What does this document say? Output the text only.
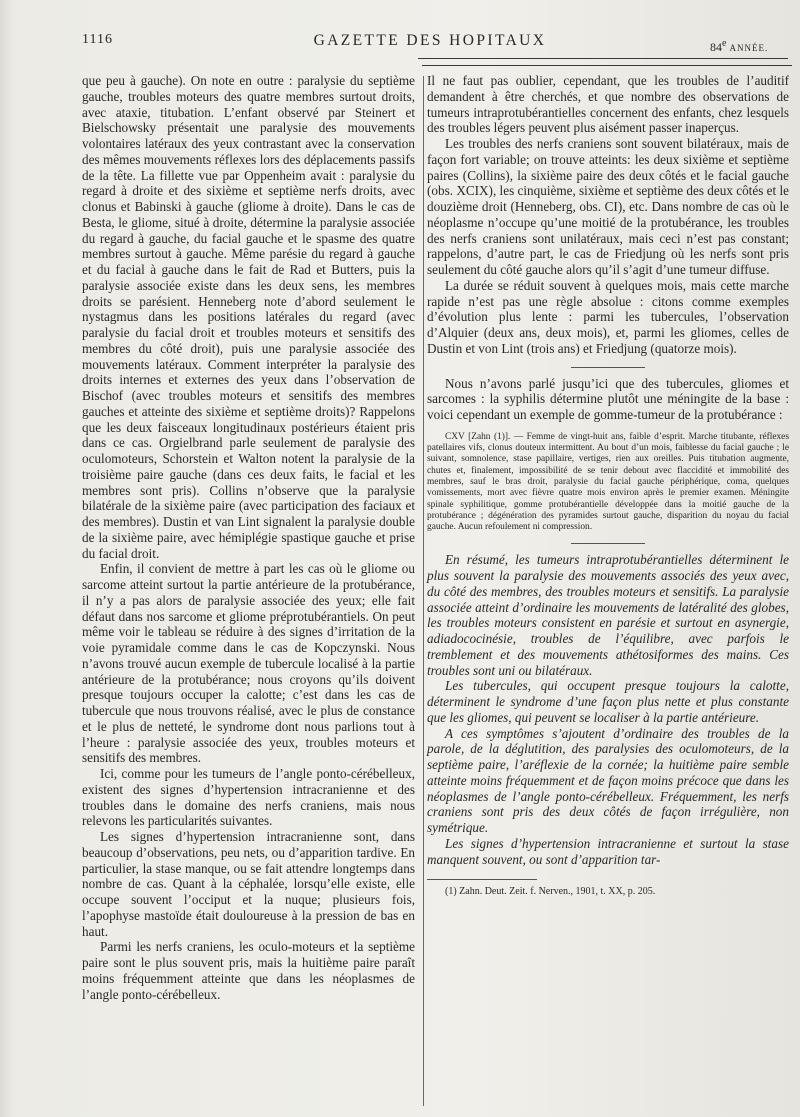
1116	GAZETTE DES HOPITAUX	84e ANNÉE.

que peu à gauche). On note en outre : paralysie du septième gauche, troubles moteurs des quatre membres surtout droits, avec ataxie, titubation. L’enfant observé par Steinert et Bielschowsky présentait une paralysie des mouvements volontaires latéraux des yeux contrastant avec la conservation des mêmes mouvements réflexes lors des déplacements passifs de la tête. La fillette vue par Oppenheim avait : paralysie du regard à droite et des sixième et septième nerfs droits, avec clonus et Babinski à gauche (gliome à droite). Dans le cas de Besta, le gliome, situé à droite, détermine la paralysie associée du regard à gauche, du facial gauche et le spasme des quatre membres surtout à gauche. Même parésie du regard à gauche et du facial à gauche dans le fait de Rad et Butters, puis la paralysie associée existe dans les deux sens, les membres droits se parésient. Henneberg note d’abord seulement le nystagmus dans les positions latérales du regard (avec paralysie du facial droit et troubles moteurs et sensitifs des membres du côté droit), puis une paralysie associée des mouvements latéraux. Comment interpréter la paralysie des droits internes et externes des yeux dans l’observation de Bischof (avec troubles moteurs et sensitifs des membres gauches et atteinte des sixième et septième droits)? Rappelons que les deux faisceaux longitudinaux postérieurs étaient pris dans ce cas. Orgielbrand parle seulement de paralysie des oculomoteurs, Schorstein et Walton notent la paralysie de la troisième paire gauche (dans ces deux faits, le facial et les membres sont pris). Collins n’observe que la paralysie bilatérale de la sixième paire (avec participation des faciaux et des membres). Dustin et van Lint signalent la paralysie double de la sixième paire, avec hémiplégie spastique gauche et prise du facial droit.

Enfin, il convient de mettre à part les cas où le gliome ou sarcome atteint surtout la partie antérieure de la protubérance, il n’y a pas alors de paralysie associée des yeux; elle fait défaut dans nos sarcome et gliome préprotubérantiels. On peut même voir le tableau se réduire à des signes d’irritation de la voie pyramidale comme dans le cas de Kopczynski. Nous n’avons trouvé aucun exemple de tubercule localisé à la partie antérieure de la protubérance; nous croyons qu’ils doivent presque toujours occuper la calotte; c’est dans les cas de tubercule que nous trouvons réalisé, avec le plus de constance et le plus de netteté, le syndrome dont nous parlions tout à l’heure : paralysie associée des yeux, troubles moteurs et sensitifs des membres.

Ici, comme pour les tumeurs de l’angle ponto-cérébelleux, existent des signes d’hypertension intracranienne et des troubles dans le domaine des nerfs craniens, mais nous relevons les particularités suivantes.

Les signes d’hypertension intracranienne sont, dans beaucoup d’observations, peu nets, ou d’apparition tardive. En particulier, la stase manque, ou se fait attendre longtemps dans nombre de cas. Quant à la céphalée, lorsqu’elle existe, elle occupe souvent l’occiput et la nuque; plusieurs fois, l’apophyse mastoïde était douloureuse à la pression de bas en haut.

Parmi les nerfs craniens, les oculo-moteurs et la septième paire sont le plus souvent pris, mais la huitième paire paraît moins fréquemment atteinte que dans les néoplasmes de l’angle ponto-cérébelleux.

Il ne faut pas oublier, cependant, que les troubles de l’auditif demandent à être cherchés, et que nombre des observations de tumeurs intraprotubérantielles concernent des enfants, chez lesquels des troubles légers peuvent plus aisément passer inaperçus.

Les troubles des nerfs craniens sont souvent bilatéraux, mais de façon fort variable; on trouve atteints: les deux sixième et septième paires (Collins), la sixième paire des deux côtés et le facial gauche (obs. XCIX), les cinquième, sixième et septième des deux côtés et le douzième droit (Henneberg, obs. CI), etc. Dans nombre de cas où le néoplasme n’occupe qu’une moitié de la protubérance, les troubles des nerfs craniens sont unilatéraux, mais ceci n’est pas constant; rappelons, d’autre part, le cas de Friedjung où les nerfs sont pris seulement du côté gauche alors qu’il s’agit d’une tumeur diffuse.

La durée se réduit souvent à quelques mois, mais cette marche rapide n’est pas une règle absolue : citons comme exemples d’évolution plus lente : parmi les tubercules, l’observation d’Alquier (deux ans, deux mois), et, parmi les gliomes, celles de Dustin et von Lint (trois ans) et Friedjung (quatorze mois).

Nous n’avons parlé jusqu’ici que des tubercules, gliomes et sarcomes : la syphilis détermine plutôt une méningite de la base : voici cependant un exemple de gomme-tumeur de la protubérance :

CXV [Zahn (1)]. — Femme de vingt-huit ans, faible d’esprit. Marche titubante, réflexes patellaires vifs, clonus douteux intermittent. Au bout d’un mois, faiblesse du facial gauche ; le suivant, somnolence, stase papillaire, vertiges, rien aux oreilles. Puis titubation augmente, chutes et, finalement, impossibilité de se tenir debout avec flaccidité et immobilité des membres, sauf le bras droit, paralysie du facial gauche périphérique, coma, quelques vomissements, mort avec fièvre quatre mois environ après le premier examen. Méningite spinale syphilitique, gomme protubérantielle développée dans la moitié gauche de la protubérance ; dégénération des pyramides surtout gauche, disparition du noyau du facial gauche. Aucun refoulement ni compression.

En résumé, les tumeurs intraprotubérantielles déterminent le plus souvent la paralysie des mouvements associés des yeux avec, du côté des membres, des troubles moteurs et sensitifs. La paralysie associée atteint d’ordinaire les mouvements de latéralité des globes, les troubles moteurs consistent en parésie et surtout en asynergie, adiadococinésie, troubles de l’équilibre, avec parfois le tremblement et des mouvements athétosiformes des mains. Ces troubles sont uni ou bilatéraux.

Les tubercules, qui occupent presque toujours la calotte, déterminent le syndrome d’une façon plus nette et plus constante que les gliomes, qui peuvent se localiser à la partie antérieure.

A ces symptômes s’ajoutent d’ordinaire des troubles de la parole, de la déglutition, des paralysies des oculomoteurs, de la septième paire, l’aréflexie de la cornée; la huitième paire semble atteinte moins fréquemment et de façon moins précoce que dans les néoplasmes de l’angle ponto-cérébelleux. Fréquemment, les nerfs craniens sont pris des deux côtés de façon irrégulière, non symétrique.

Les signes d’hypertension intracranienne et surtout la stase manquent souvent, ou sont d’apparition tar-

(1) Zahn. Deut. Zeit. f. Nerven., 1901, t. XX, p. 205.
